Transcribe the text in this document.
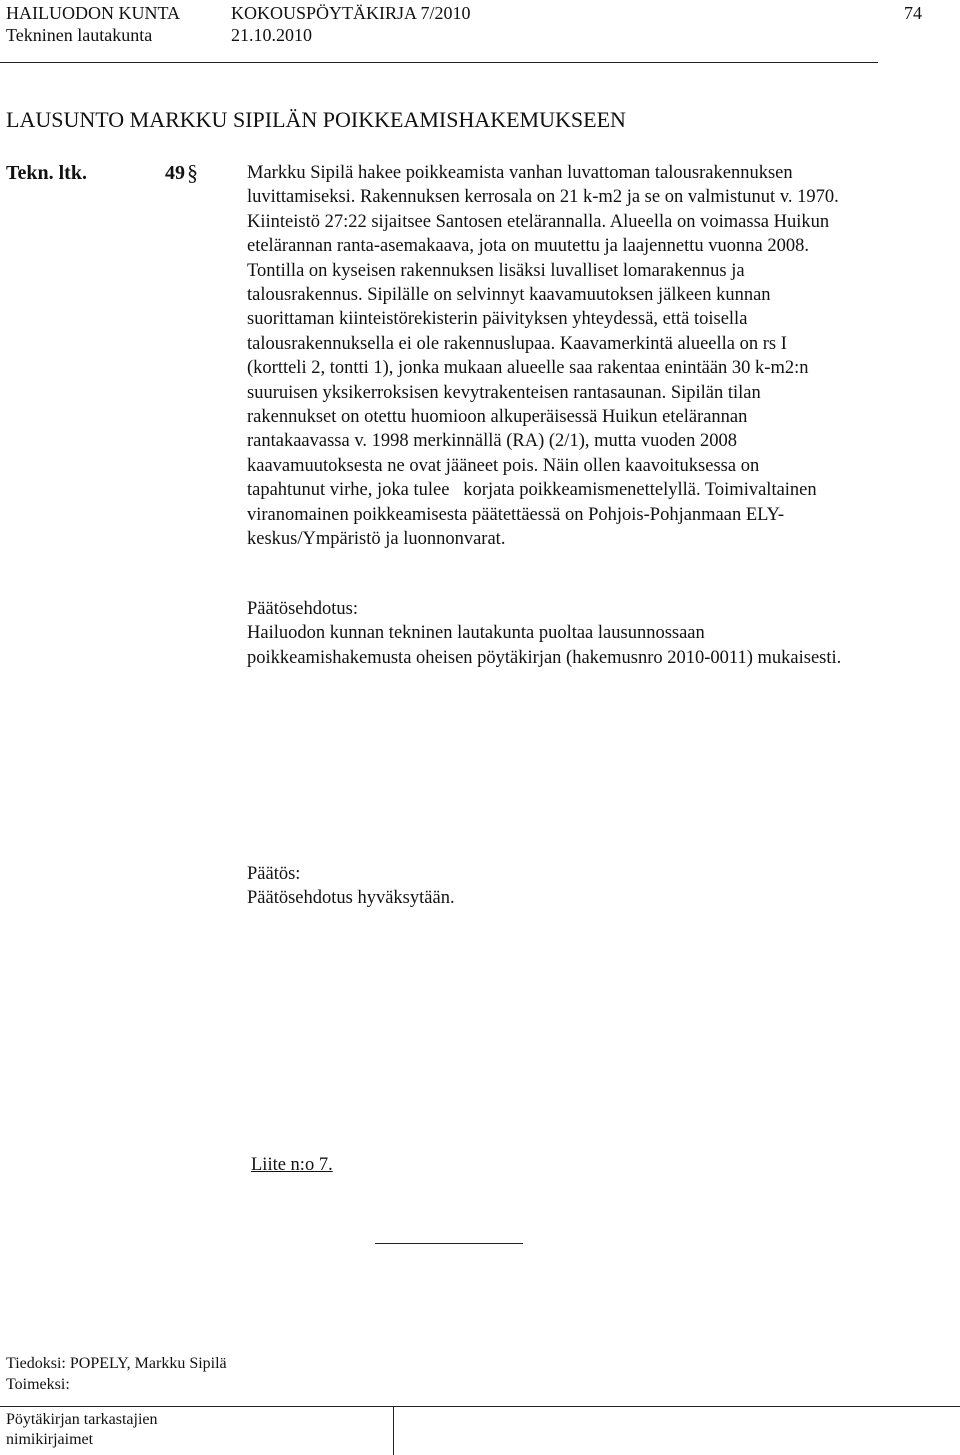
HAILUODON KUNTA	KOKOUSPÖYTÄKIRJA 7/2010	74
Tekninen lautakunta	21.10.2010
LAUSUNTO MARKKU SIPILÄN POIKKEAMISHAKEMUKSEEN
Tekn. ltk.	49 §	Markku Sipilä hakee poikkeamista vanhan luvattoman talousrakennuksen
luvittamiseksi. Rakennuksen kerrosala on 21 k-m2 ja se on valmistunut v. 1970.
Kiinteistö 27:22 sijaitsee Santosen etelärannalla. Alueella on voimassa Huikun
etelärannan ranta-asemakaava, jota on muutettu ja laajennettu vuonna 2008.
Tontilla on kyseisen rakennuksen lisäksi luvalliset lomarakennus ja
talousrakennus. Sipilälle on selvinnyt kaavamuutoksen jälkeen kunnan
suorittaman kiinteistörekisterin päivityksen yhteydessä, että toisella
talousrakennuksella ei ole rakennuslupaa. Kaavamerkintä alueella on rs I
(kortteli 2, tontti 1), jonka mukaan alueelle saa rakentaa enintään 30 k-m2:n
suuruisen yksikerroksisen kevytrakenteisen rantasaunan. Sipilän tilan
rakennukset on otettu huomioon alkuperäisessä Huikun etelärannan
rantakaavassa v. 1998 merkinnällä (RA) (2/1), mutta vuoden 2008
kaavamuutoksesta ne ovat jääneet pois. Näin ollen kaavoituksessa on
tapahtunut virhe, joka tulee   korjata poikkeamismenettelyllä. Toimivaltainen
viranomainen poikkeamisesta päätettäessä on Pohjois-Pohjanmaan ELY-
keskus/Ympäristö ja luonnonvarat.
Päätösehdotus:
Hailuodon kunnan tekninen lautakunta puoltaa lausunnossaan
poikkeamishakemusta oheisen pöytäkirjan (hakemusnro 2010-0011) mukaisesti.
Päätös:
Päätösehdotus hyväksytään.
Liite n:o 7.
Tiedoksi: POPELY, Markku Sipilä
Toimeksi:
Pöytäkirjan tarkastajien
nimikirjaimet
